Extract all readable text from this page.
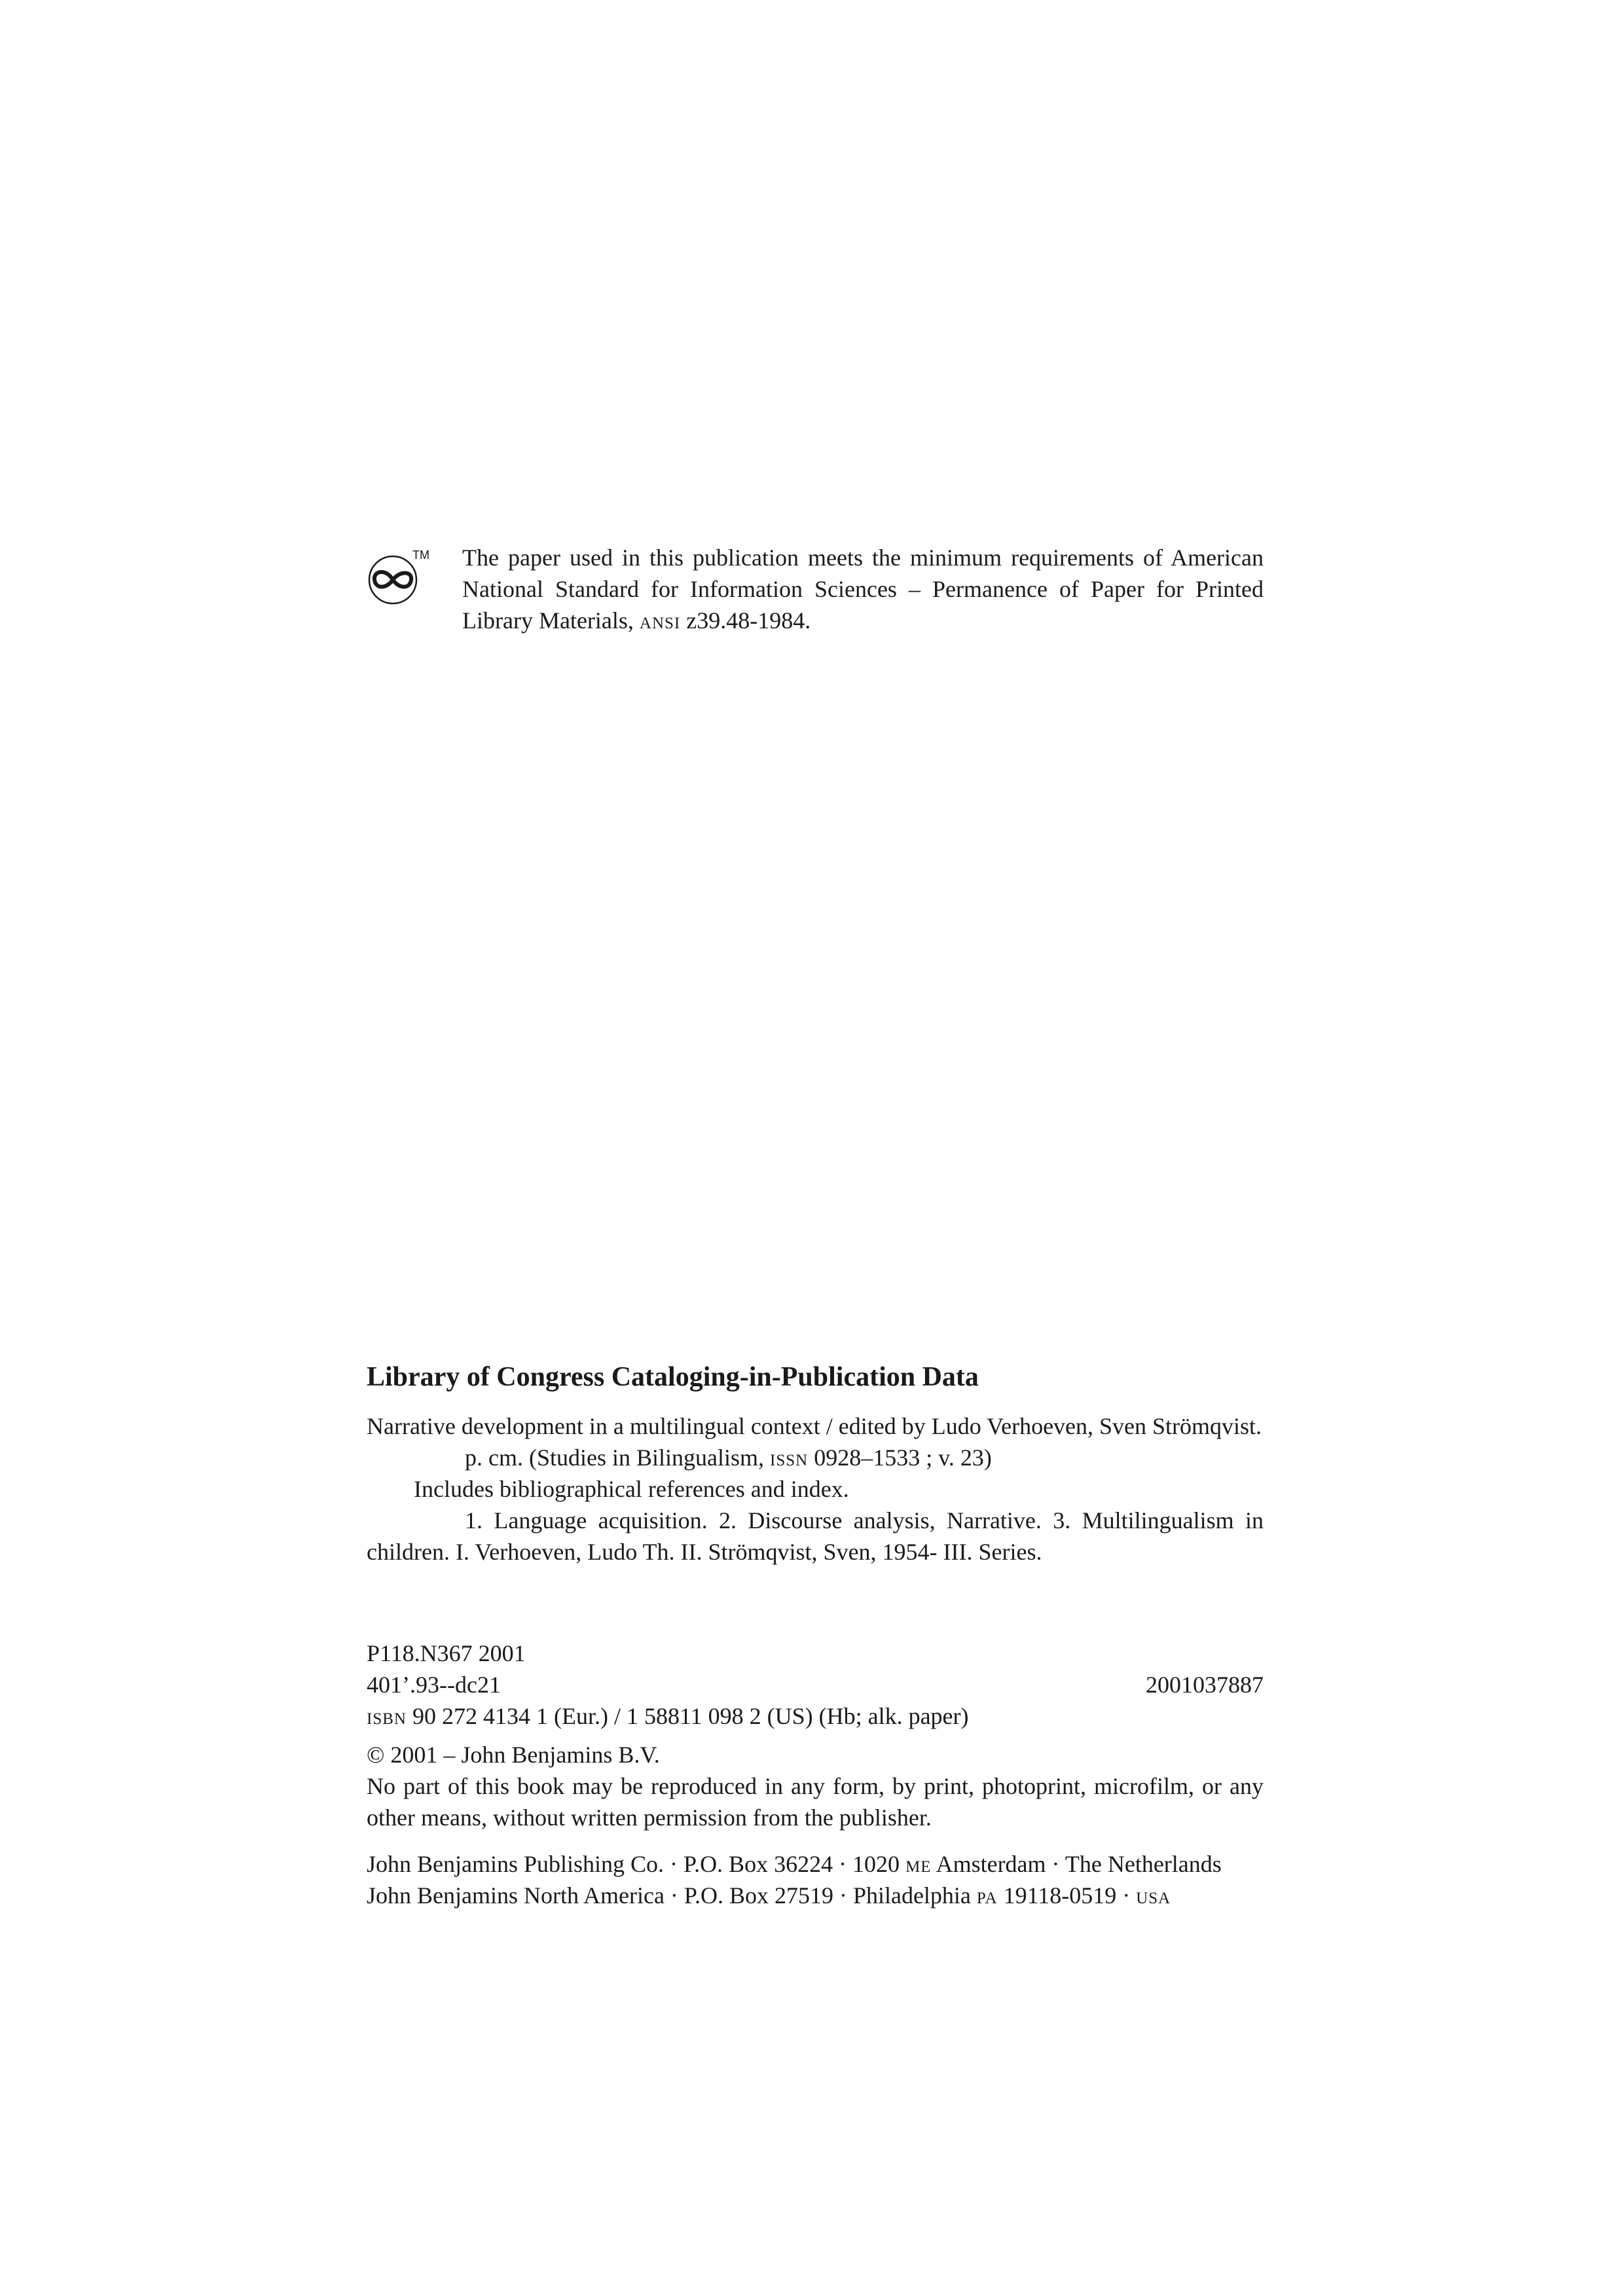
TM The paper used in this publication meets the minimum requirements of American National Standard for Information Sciences – Permanence of Paper for Printed Library Materials, ansi z39.48-1984.
Library of Congress Cataloging-in-Publication Data
Narrative development in a multilingual context / edited by Ludo Verhoeven, Sven Strömqvist.
p. cm. (Studies in Bilingualism, issn 0928–1533 ; v. 23)
Includes bibliographical references and index.
1. Language acquisition. 2. Discourse analysis, Narrative. 3. Multilingualism in children. I. Verhoeven, Ludo Th. II. Strömqvist, Sven, 1954- III. Series.
P118.N367 2001
401’.93--dc21	2001037887
isbn 90 272 4134 1 (Eur.) / 1 58811 098 2 (US) (Hb; alk. paper)
© 2001 – John Benjamins B.V.
No part of this book may be reproduced in any form, by print, photoprint, microfilm, or any other means, without written permission from the publisher.
John Benjamins Publishing Co. · P.O. Box 36224 · 1020 me Amsterdam · The Netherlands
John Benjamins North America · P.O. Box 27519 · Philadelphia pa 19118-0519 · usa
